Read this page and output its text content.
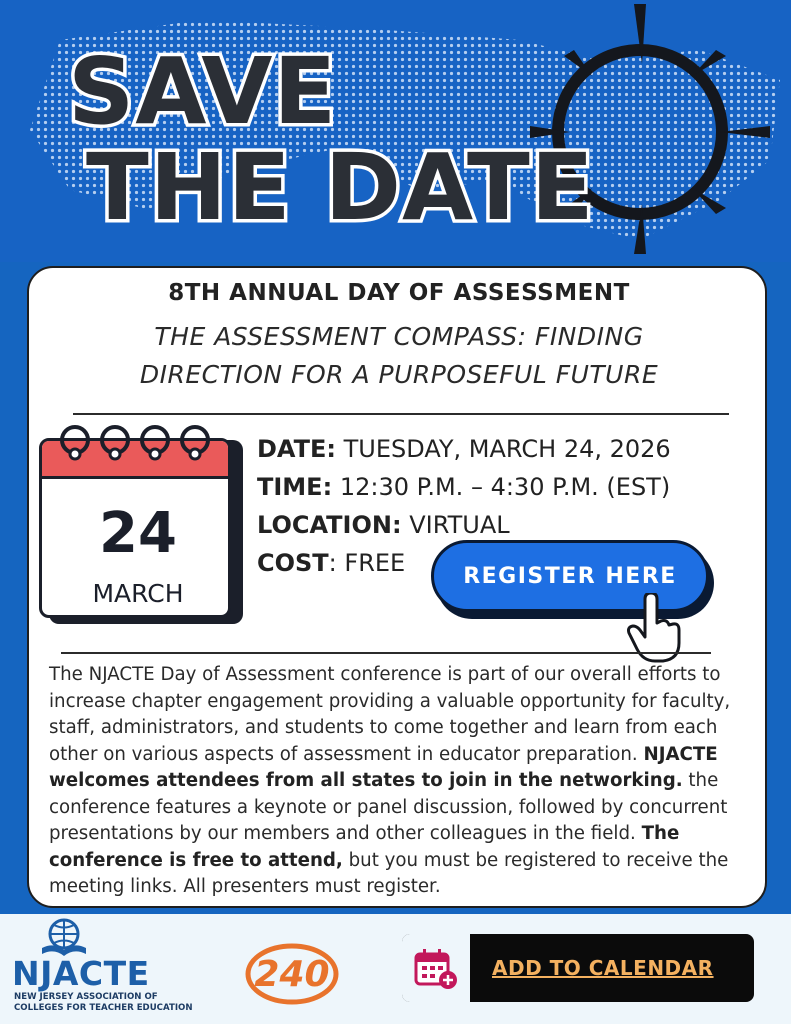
SAVE
THE DATE
8TH ANNUAL DAY OF ASSESSMENT
THE ASSESSMENT COMPASS: FINDING
DIRECTION FOR A PURPOSEFUL FUTURE
24
MARCH
DATE: TUESDAY, MARCH 24, 2026
TIME: 12:30 P.M. – 4:30 P.M. (EST)
LOCATION: VIRTUAL
COST: FREE	REGISTER HERE
The NJACTE Day of Assessment conference is part of our overall efforts to increase chapter engagement providing a valuable opportunity for faculty, staff, administrators, and students to come together and learn from each other on various aspects of assessment in educator preparation. NJACTE welcomes attendees from all states to join in the networking. the conference features a keynote or panel discussion, followed by concurrent presentations by our members and other colleagues in the field. The conference is free to attend, but you must be registered to receive the meeting links. All presenters must register.
NJACTE
NEW JERSEY ASSOCIATION OF
COLLEGES FOR TEACHER EDUCATION
240	ADD TO CALENDAR
